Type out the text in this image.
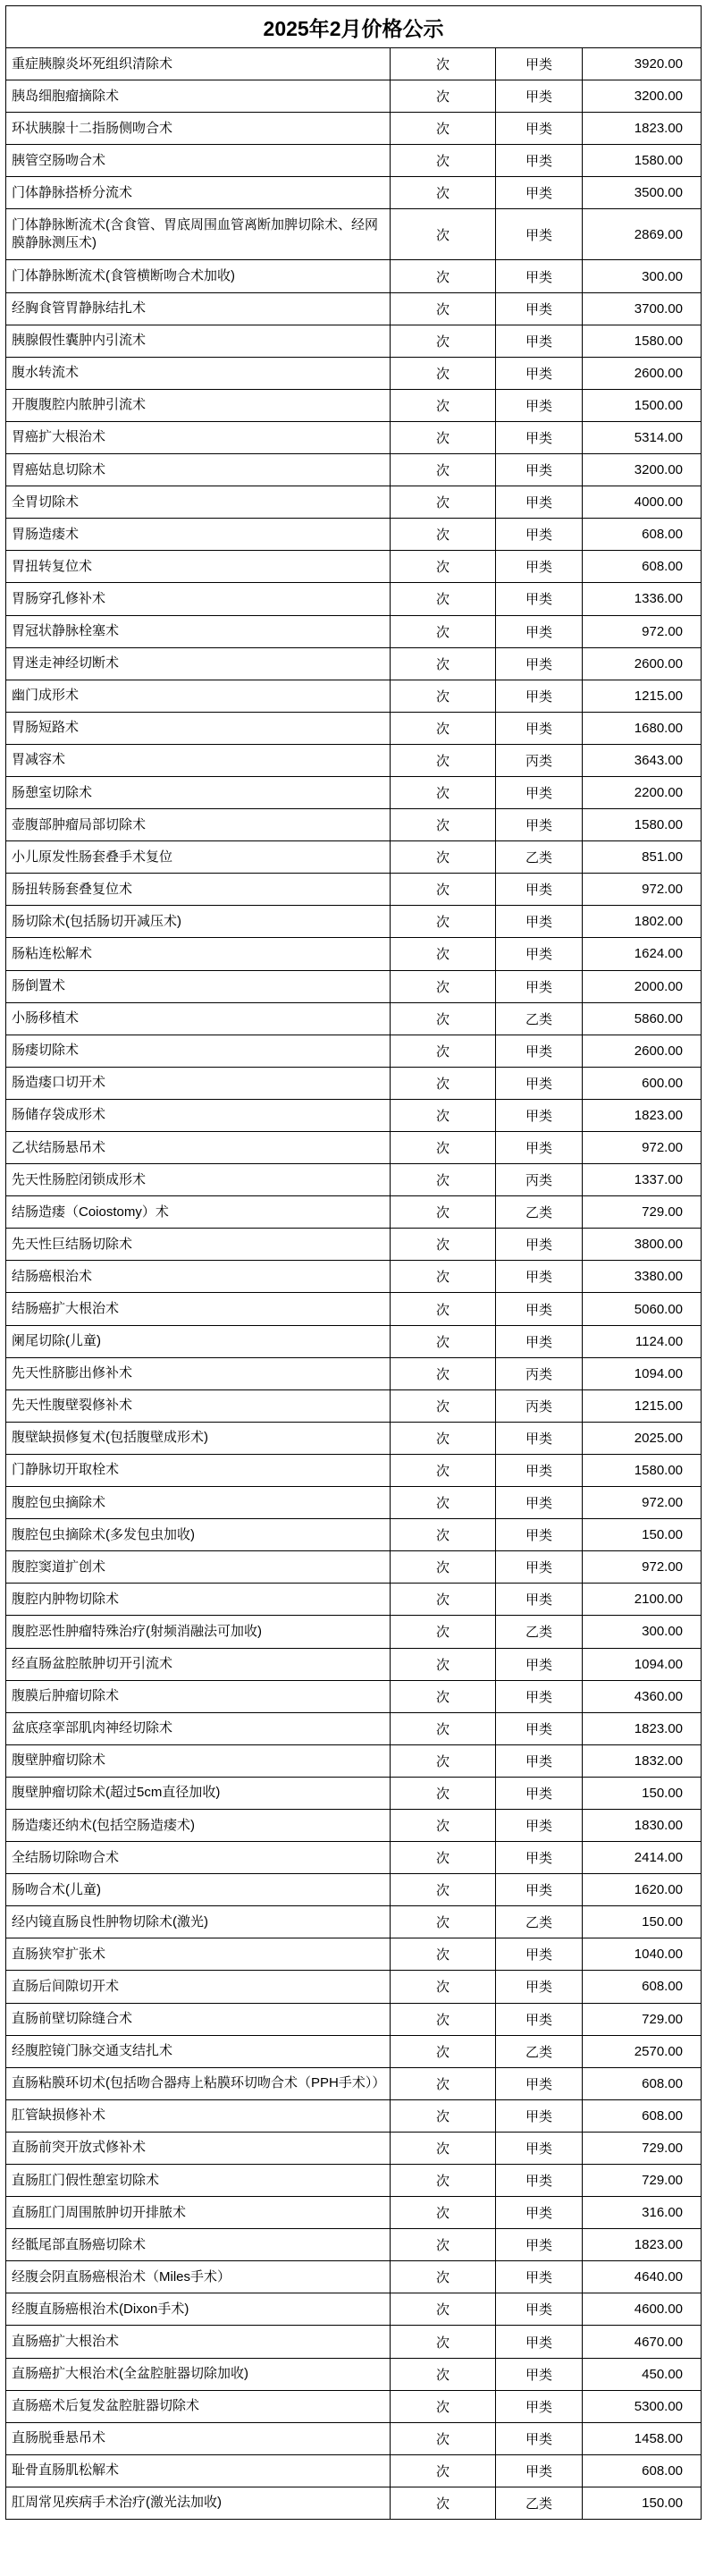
2025年2月价格公示			
重症胰腺炎坏死组织清除术	次	甲类	3920.00
胰岛细胞瘤摘除术	次	甲类	3200.00
环状胰腺十二指肠侧吻合术	次	甲类	1823.00
胰管空肠吻合术	次	甲类	1580.00
门体静脉搭桥分流术	次	甲类	3500.00
门体静脉断流术(含食管、胃底周围血管离断加脾切除术、经网膜静脉测压术)	次	甲类	2869.00
门体静脉断流术(食管横断吻合术加收)	次	甲类	300.00
经胸食管胃静脉结扎术	次	甲类	3700.00
胰腺假性囊肿内引流术	次	甲类	1580.00
腹水转流术	次	甲类	2600.00
开腹腹腔内脓肿引流术	次	甲类	1500.00
胃癌扩大根治术	次	甲类	5314.00
胃癌姑息切除术	次	甲类	3200.00
全胃切除术	次	甲类	4000.00
胃肠造瘘术	次	甲类	608.00
胃扭转复位术	次	甲类	608.00
胃肠穿孔修补术	次	甲类	1336.00
胃冠状静脉栓塞术	次	甲类	972.00
胃迷走神经切断术	次	甲类	2600.00
幽门成形术	次	甲类	1215.00
胃肠短路术	次	甲类	1680.00
胃减容术	次	丙类	3643.00
肠憩室切除术	次	甲类	2200.00
壶腹部肿瘤局部切除术	次	甲类	1580.00
小儿原发性肠套叠手术复位	次	乙类	851.00
肠扭转肠套叠复位术	次	甲类	972.00
肠切除术(包括肠切开减压术)	次	甲类	1802.00
肠粘连松解术	次	甲类	1624.00
肠倒置术	次	甲类	2000.00
小肠移植术	次	乙类	5860.00
肠瘘切除术	次	甲类	2600.00
肠造瘘口切开术	次	甲类	600.00
肠储存袋成形术	次	甲类	1823.00
乙状结肠悬吊术	次	甲类	972.00
先天性肠腔闭锁成形术	次	丙类	1337.00
结肠造瘘（Coiostomy）术	次	乙类	729.00
先天性巨结肠切除术	次	甲类	3800.00
结肠癌根治术	次	甲类	3380.00
结肠癌扩大根治术	次	甲类	5060.00
阑尾切除(儿童)	次	甲类	1124.00
先天性脐膨出修补术	次	丙类	1094.00
先天性腹壁裂修补术	次	丙类	1215.00
腹壁缺损修复术(包括腹壁成形术)	次	甲类	2025.00
门静脉切开取栓术	次	甲类	1580.00
腹腔包虫摘除术	次	甲类	972.00
腹腔包虫摘除术(多发包虫加收)	次	甲类	150.00
腹腔窦道扩创术	次	甲类	972.00
腹腔内肿物切除术	次	甲类	2100.00
腹腔恶性肿瘤特殊治疗(射频消融法可加收)	次	乙类	300.00
经直肠盆腔脓肿切开引流术	次	甲类	1094.00
腹膜后肿瘤切除术	次	甲类	4360.00
盆底痉挛部肌肉神经切除术	次	甲类	1823.00
腹壁肿瘤切除术	次	甲类	1832.00
腹壁肿瘤切除术(超过5cm直径加收)	次	甲类	150.00
肠造瘘还纳术(包括空肠造瘘术)	次	甲类	1830.00
全结肠切除吻合术	次	甲类	2414.00
肠吻合术(儿童)	次	甲类	1620.00
经内镜直肠良性肿物切除术(激光)	次	乙类	150.00
直肠狭窄扩张术	次	甲类	1040.00
直肠后间隙切开术	次	甲类	608.00
直肠前壁切除缝合术	次	甲类	729.00
经腹腔镜门脉交通支结扎术	次	乙类	2570.00
直肠粘膜环切术(包括吻合器痔上粘膜环切吻合术（PPH手术））	次	甲类	608.00
肛管缺损修补术	次	甲类	608.00
直肠前突开放式修补术	次	甲类	729.00
直肠肛门假性憩室切除术	次	甲类	729.00
直肠肛门周围脓肿切开排脓术	次	甲类	316.00
经骶尾部直肠癌切除术	次	甲类	1823.00
经腹会阴直肠癌根治术（Miles手术）	次	甲类	4640.00
经腹直肠癌根治术(Dixon手术)	次	甲类	4600.00
直肠癌扩大根治术	次	甲类	4670.00
直肠癌扩大根治术(全盆腔脏器切除加收)	次	甲类	450.00
直肠癌术后复发盆腔脏器切除术	次	甲类	5300.00
直肠脱垂悬吊术	次	甲类	1458.00
耻骨直肠肌松解术	次	甲类	608.00
肛周常见疾病手术治疗(激光法加收)	次	乙类	150.00
